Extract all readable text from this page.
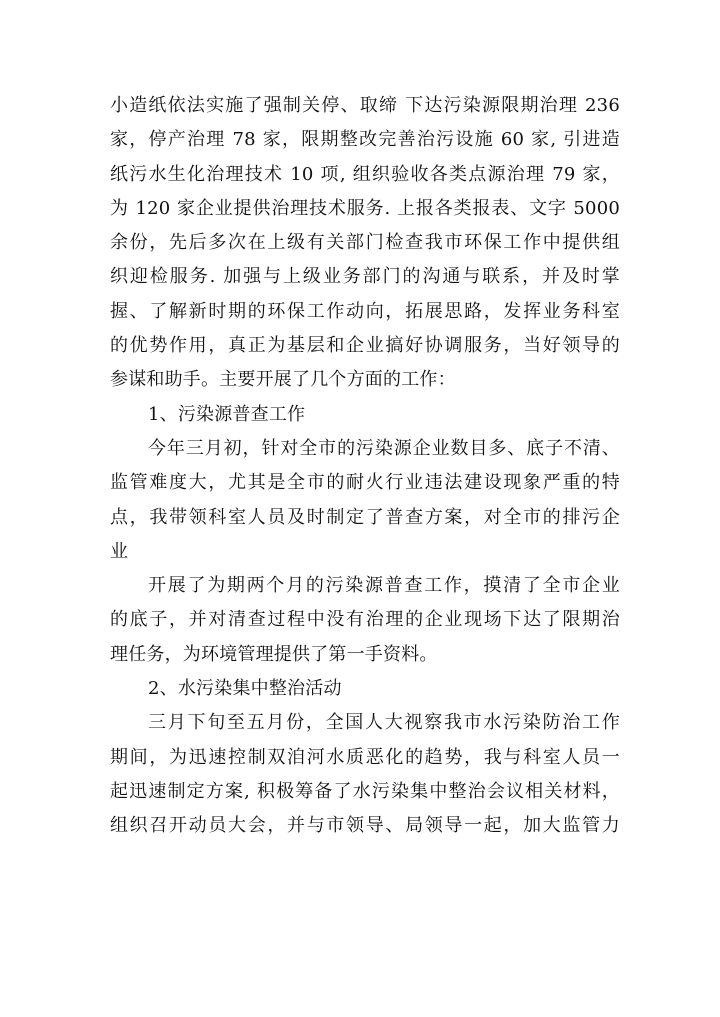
小造纸依法实施了强制关停、取缔 下达污染源限期治理 236
家，停产治理 78 家，限期整改完善治污设施 60 家, 引进造
纸污水生化治理技术 10 项, 组织验收各类点源治理 79 家，
为 120 家企业提供治理技术服务. 上报各类报表、文字 5000
余份，先后多次在上级有关部门检查我市环保工作中提供组
织迎检服务. 加强与上级业务部门的沟通与联系，并及时掌
握、了解新时期的环保工作动向，拓展思路，发挥业务科室
的优势作用，真正为基层和企业搞好协调服务，当好领导的
参谋和助手。主要开展了几个方面的工作：
1、污染源普查工作
今年三月初，针对全市的污染源企业数目多、底子不清、
监管难度大，尤其是全市的耐火行业违法建设现象严重的特
点，我带领科室人员及时制定了普查方案，对全市的排污企
业
开展了为期两个月的污染源普查工作，摸清了全市企业
的底子，并对清查过程中没有治理的企业现场下达了限期治
理任务，为环境管理提供了第一手资料。
2、水污染集中整治活动
三月下旬至五月份，全国人大视察我市水污染防治工作
期间，为迅速控制双洎河水质恶化的趋势，我与科室人员一
起迅速制定方案, 积极筹备了水污染集中整治会议相关材料，
组织召开动员大会，并与市领导、局领导一起，加大监管力
